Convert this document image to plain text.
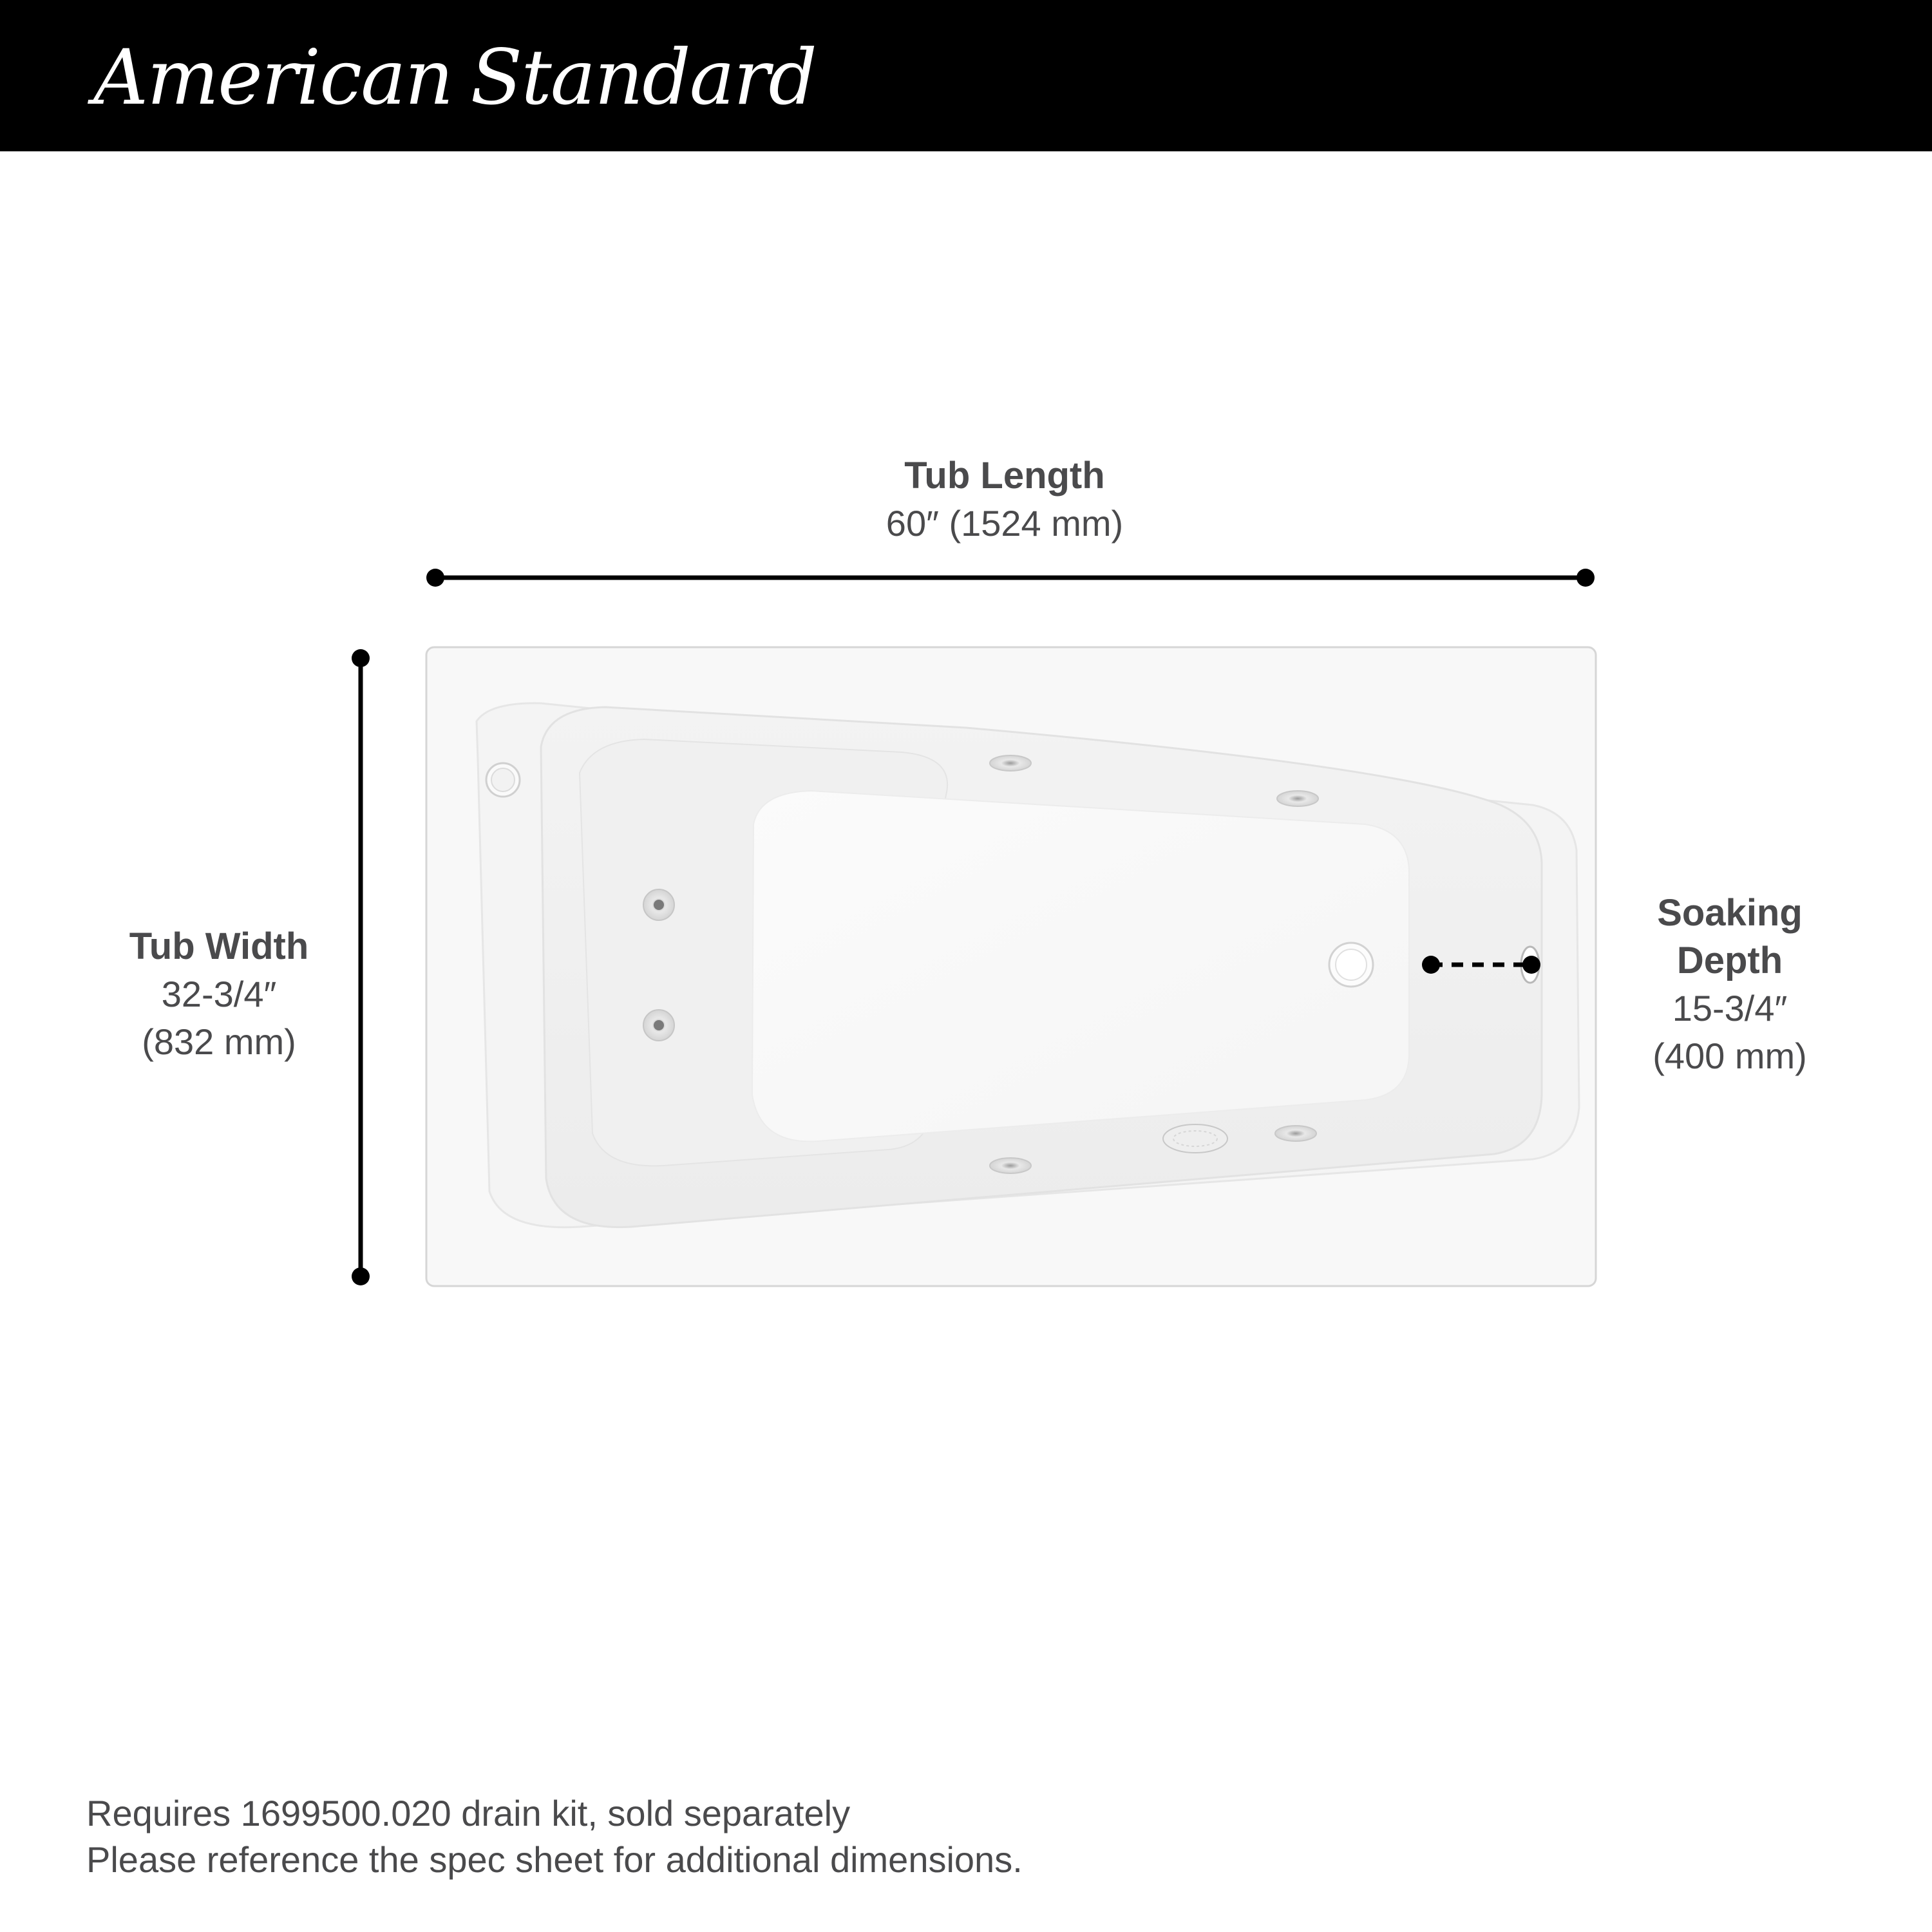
American Standard
Tub Length
60″ (1524 mm)
Tub Width
32-3/4″
(832 mm)
Soaking
Depth
15-3/4″
(400 mm)
Requires 1699500.020 drain kit, sold separately
Please reference the spec sheet for additional dimensions.
